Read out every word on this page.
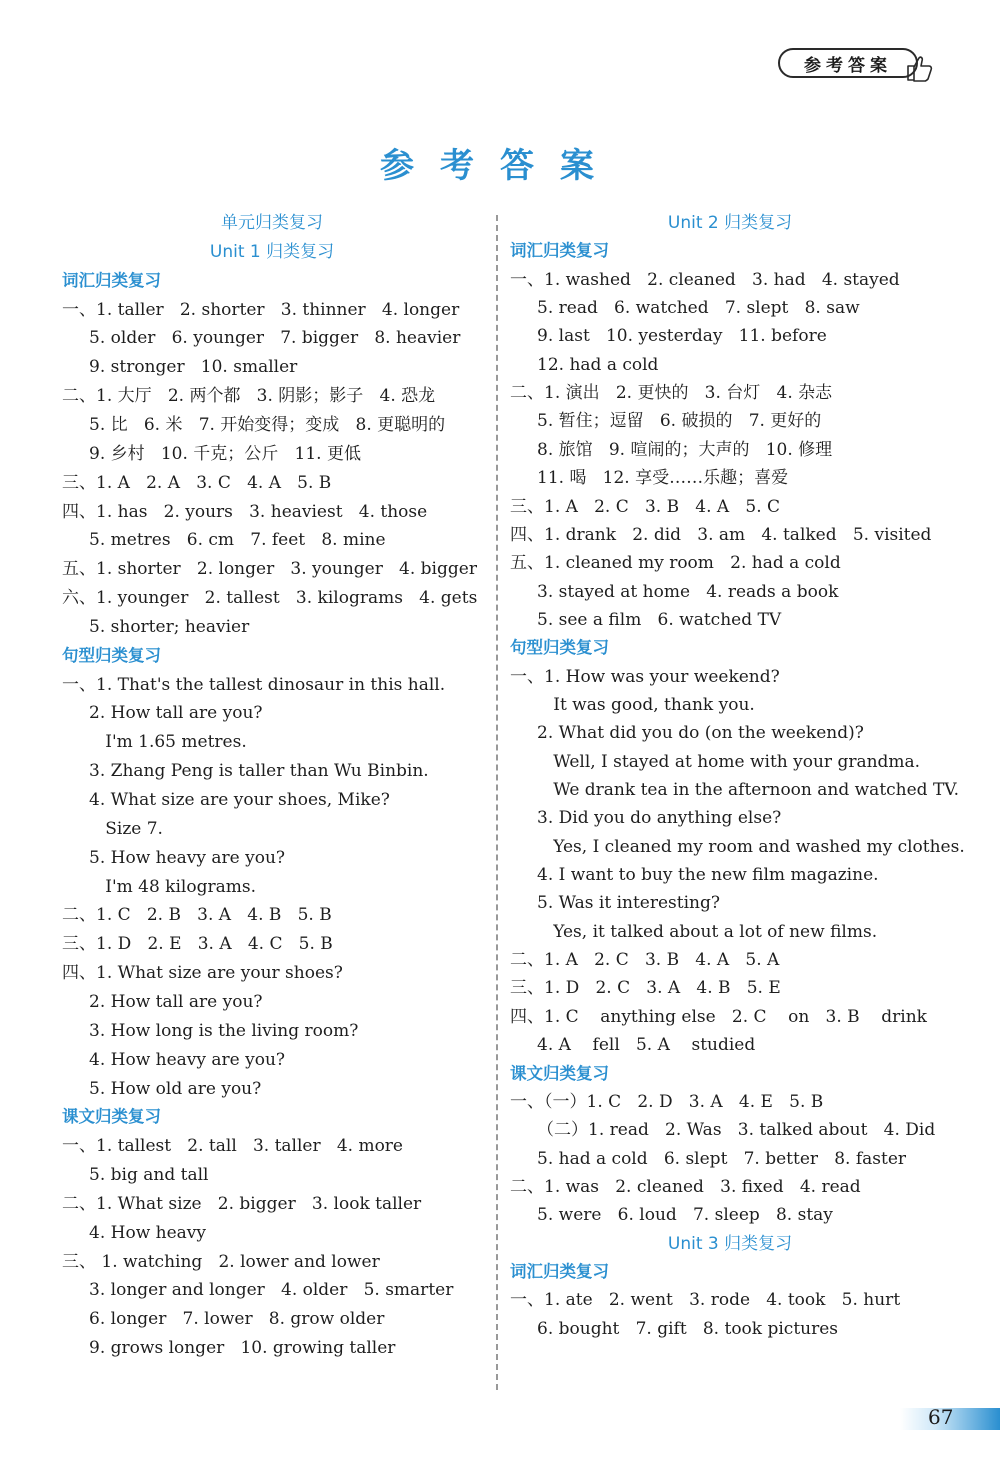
参考答案
参考答案
单元归类复习
Unit 1 归类复习
词汇归类复习
一、1. taller   2. shorter   3. thinner   4. longer
5. older   6. younger   7. bigger   8. heavier
9. stronger   10. smaller
二、1. 大厅   2. 两个都   3. 阴影；影子   4. 恐龙
5. 比   6. 米   7. 开始变得；变成   8. 更聪明的
9. 乡村   10. 千克；公斤   11. 更低
三、1. A   2. A   3. C   4. A   5. B
四、1. has   2. yours   3. heaviest   4. those
5. metres   6. cm   7. feet   8. mine
五、1. shorter   2. longer   3. younger   4. bigger
六、1. younger   2. tallest   3. kilograms   4. gets
5. shorter; heavier
句型归类复习
一、1. That's the tallest dinosaur in this hall.
2. How tall are you?
I'm 1.65 metres.
3. Zhang Peng is taller than Wu Binbin.
4. What size are your shoes, Mike?
Size 7.
5. How heavy are you?
I'm 48 kilograms.
二、1. C   2. B   3. A   4. B   5. B
三、1. D   2. E   3. A   4. C   5. B
四、1. What size are your shoes?
2. How tall are you?
3. How long is the living room?
4. How heavy are you?
5. How old are you?
课文归类复习
一、1. tallest   2. tall   3. taller   4. more
5. big and tall
二、1. What size   2. bigger   3. look taller
4. How heavy
三、 1. watching   2. lower and lower
3. longer and longer   4. older   5. smarter
6. longer   7. lower   8. grow older
9. grows longer   10. growing taller
Unit 2 归类复习
词汇归类复习
一、1. washed   2. cleaned   3. had   4. stayed
5. read   6. watched   7. slept   8. saw
9. last   10. yesterday   11. before
12. had a cold
二、1. 演出   2. 更快的   3. 台灯   4. 杂志
5. 暂住；逗留   6. 破损的   7. 更好的
8. 旅馆   9. 喧闹的；大声的   10. 修理
11. 喝   12. 享受……乐趣；喜爱
三、1. A   2. C   3. B   4. A   5. C
四、1. drank   2. did   3. am   4. talked   5. visited
五、1. cleaned my room   2. had a cold
3. stayed at home   4. reads a book
5. see a film   6. watched TV
句型归类复习
一、1. How was your weekend?
It was good, thank you.
2. What did you do (on the weekend)?
Well, I stayed at home with your grandma.
We drank tea in the afternoon and watched TV.
3. Did you do anything else?
Yes, I cleaned my room and washed my clothes.
4. I want to buy the new film magazine.
5. Was it interesting?
Yes, it talked about a lot of new films.
二、1. A   2. C   3. B   4. A   5. A
三、1. D   2. C   3. A   4. B   5. E
四、1. C    anything else   2. C    on   3. B    drink
4. A    fell   5. A    studied
课文归类复习
一、（一）1. C   2. D   3. A   4. E   5. B
（二）1. read   2. Was   3. talked about   4. Did
5. had a cold   6. slept   7. better   8. faster
二、1. was   2. cleaned   3. fixed   4. read
5. were   6. loud   7. sleep   8. stay
Unit 3 归类复习
词汇归类复习
一、1. ate   2. went   3. rode   4. took   5. hurt
6. bought   7. gift   8. took pictures
67
